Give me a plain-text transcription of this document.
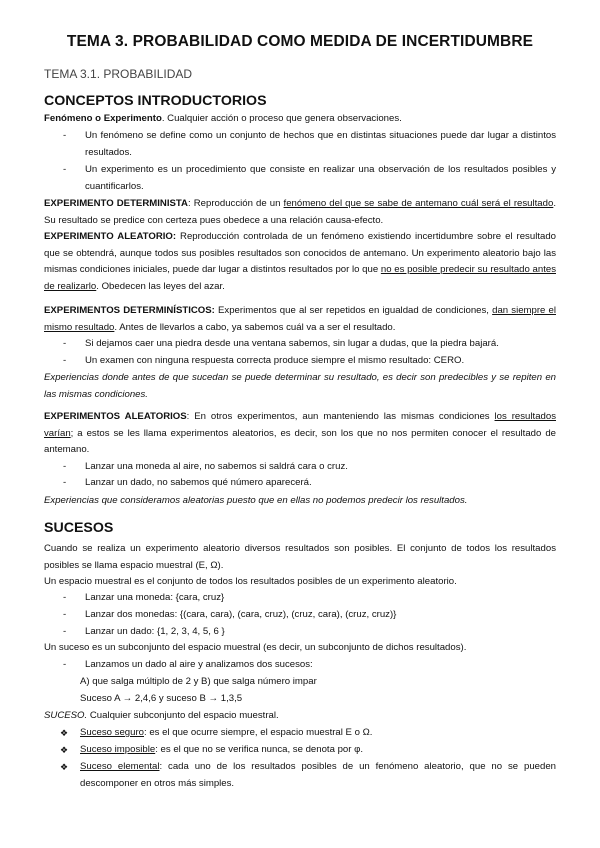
TEMA 3. PROBABILIDAD COMO MEDIDA DE INCERTIDUMBRE
TEMA 3.1. PROBABILIDAD
CONCEPTOS INTRODUCTORIOS
Fenómeno o Experimento. Cualquier acción o proceso que genera observaciones.
- Un fenómeno se define como un conjunto de hechos que en distintas situaciones puede dar lugar a distintos resultados.
- Un experimento es un procedimiento que consiste en realizar una observación de los resultados posibles y cuantificarlos.
EXPERIMENTO DETERMINISTA: Reproducción de un fenómeno del que se sabe de antemano cuál será el resultado. Su resultado se predice con certeza pues obedece a una relación causa-efecto.
EXPERIMENTO ALEATORIO: Reproducción controlada de un fenómeno existiendo incertidumbre sobre el resultado que se obtendrá, aunque todos sus posibles resultados son conocidos de antemano. Un experimento aleatorio bajo las mismas condiciones iniciales, puede dar lugar a distintos resultados por lo que no es posible predecir su resultado antes de realizarlo. Obedecen las leyes del azar.
EXPERIMENTOS DETERMINÍSTICOS: Experimentos que al ser repetidos en igualdad de condiciones, dan siempre el mismo resultado. Antes de llevarlos a cabo, ya sabemos cuál va a ser el resultado.
- Si dejamos caer una piedra desde una ventana sabemos, sin lugar a dudas, que la piedra bajará.
- Un examen con ninguna respuesta correcta produce siempre el mismo resultado: CERO.
Experiencias donde antes de que sucedan se puede determinar su resultado, es decir son predecibles y se repiten en las mismas condiciones.
EXPERIMENTOS ALEATORIOS: En otros experimentos, aun manteniendo las mismas condiciones los resultados varían; a estos se les llama experimentos aleatorios, es decir, son los que no nos permiten conocer el resultado de antemano.
- Lanzar una moneda al aire, no sabemos si saldrá cara o cruz.
- Lanzar un dado, no sabemos qué número aparecerá.
Experiencias que consideramos aleatorias puesto que en ellas no podemos predecir los resultados.
SUCESOS
Cuando se realiza un experimento aleatorio diversos resultados son posibles. El conjunto de todos los resultados posibles se llama espacio muestral (E, Ω).
Un espacio muestral es el conjunto de todos los resultados posibles de un experimento aleatorio.
- Lanzar una moneda: {cara, cruz}
- Lanzar dos monedas: {(cara, cara), (cara, cruz), (cruz, cara), (cruz, cruz)}
- Lanzar un dado: {1, 2, 3, 4, 5, 6 }
Un suceso es un subconjunto del espacio muestral (es decir, un subconjunto de dichos resultados).
- Lanzamos un dado al aire y analizamos dos sucesos:
A) que salga múltiplo de 2 y B) que salga número impar
Suceso A → 2,4,6 y suceso B → 1,3,5
SUCESO. Cualquier subconjunto del espacio muestral.
❖ Suceso seguro: es el que ocurre siempre, el espacio muestral E o Ω.
❖ Suceso imposible: es el que no se verifica nunca, se denota por φ.
❖ Suceso elemental: cada uno de los resultados posibles de un fenómeno aleatorio, que no se pueden descomponer en otros más simples.
